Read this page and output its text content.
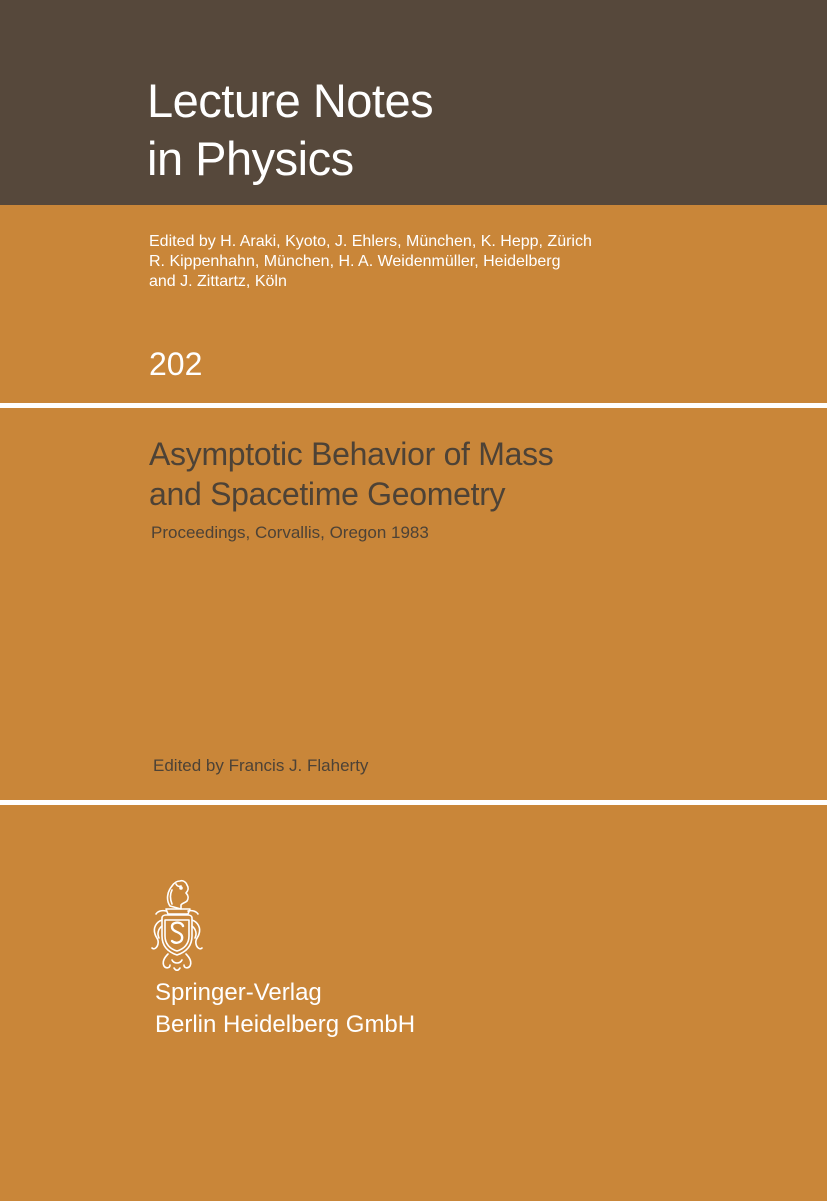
Lecture Notes
in Physics

Edited by H. Araki, Kyoto, J. Ehlers, München, K. Hepp, Zürich
R. Kippenhahn, München, H. A. Weidenmüller, Heidelberg
and J. Zittartz, Köln

202
Asymptotic Behavior of Mass
and Spacetime Geometry
Proceedings, Corvallis, Oregon 1983
Edited by Francis J. Flaherty
Springer-Verlag
Berlin Heidelberg GmbH
